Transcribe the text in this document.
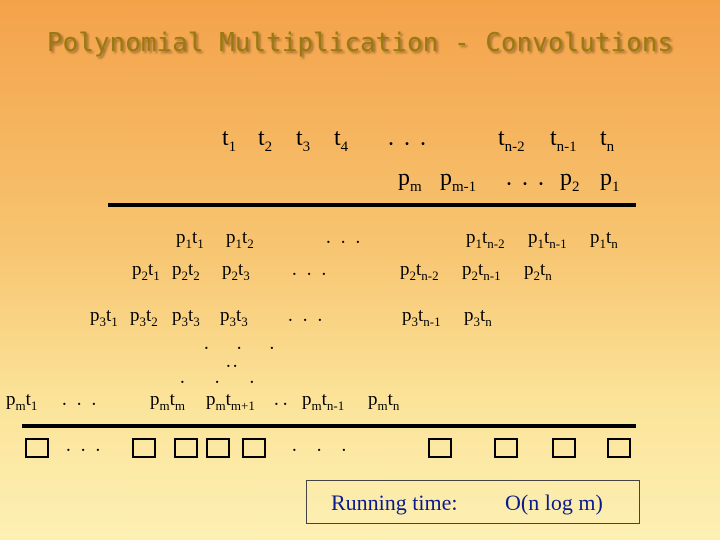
Polynomial Multiplication - Convolutions
$t_1$ $t_2$ $t_3$ $t_4$ ...	$t_{n-2}$ $t_{n-1}$ $t_n$
$p_m$ $p_{m-1}$ ... $p_2$ $p_1$
$p_1t_1$ $p_1t_2$	...	$p_1t_{n-2}$ $p_1t_{n-1}$ $p_1t_n$
$p_2t_1$ $p_2t_2$ $p_2t_3$ ...	$p_2t_{n-2}$ $p_2t_{n-1}$ $p_2t_n$
$p_3t_1$ $p_3t_2$ $p_3t_3$ $p_3t_3$ ...	$p_3t_{n-1}$ $p_3t_n$
...
..
...
$p_mt_1$ ... $p_mt_m$ $p_mt_{m+1}$ .. $p_mt_{n-1}$ $p_mt_n$
...	...
Running time: O(n log m)
